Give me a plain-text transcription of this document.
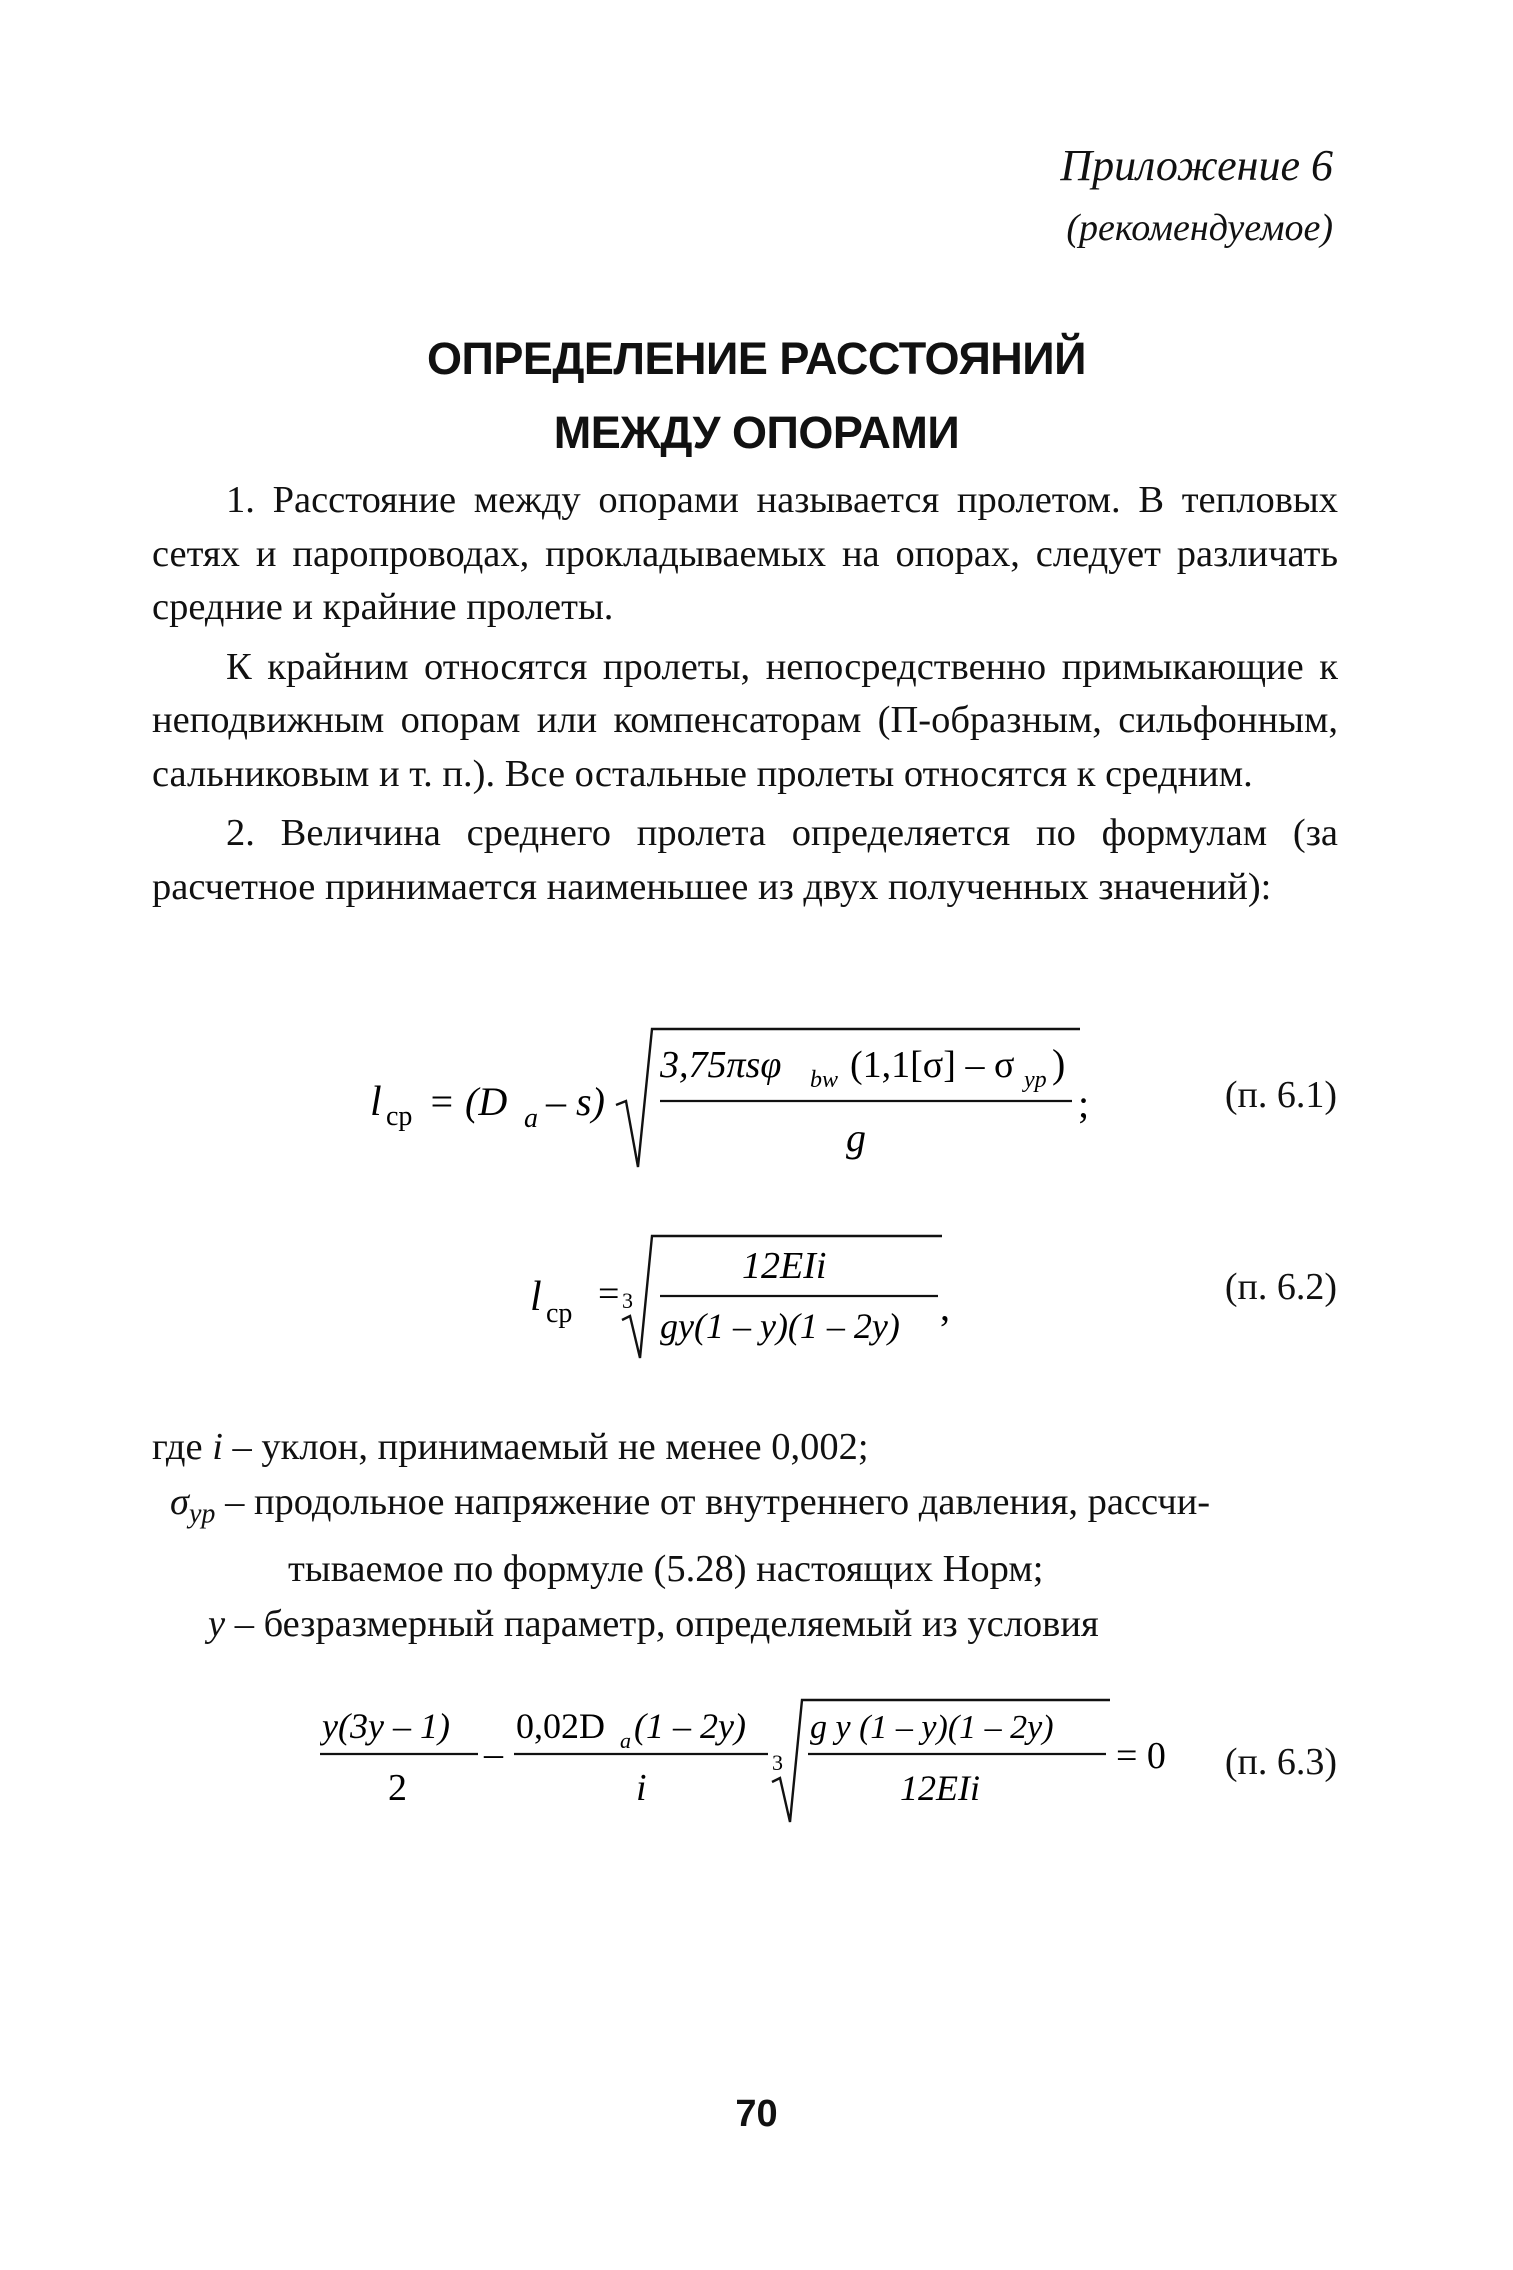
Приложение 6
(рекомендуемое)
ОПРЕДЕЛЕНИЕ РАССТОЯНИЙ
МЕЖДУ ОПОРАМИ

1. Расстояние между опорами называется пролетом. В тепловых сетях и паропроводах, прокладываемых на опорах, следует различать средние и крайние пролеты.

К крайним относятся пролеты, непосредственно примыкающие к неподвижным опорам или компенсаторам (П-образным, сильфонным, сальниковым и т. п.). Все остальные пролеты относятся к средним.

2. Величина среднего пролета определяется по формулам (за расчетное принимается наименьшее из двух полученных значений):

l ср = (D a – s)
3,75πsφ bw (1,1[σ] – σ yp )
g
;	(п. 6.1)
l ср = 3
12EIi
gy(1 – y)(1 – 2y) ,	(п. 6.2)
где i – уклон, принимаемый не менее 0,002;
$\sigma_{yp}$ – продольное напряжение от внутреннего давления, рассчи-
тываемое по формуле (5.28) настоящих Норм;
y – безразмерный параметр, определяемый из условия
y(3y – 1)
2
–
0,02D a (1 – 2y)
i
3
g y (1 – y)(1 – 2y)
12EIi
= 0 (п. 6.3)
70
